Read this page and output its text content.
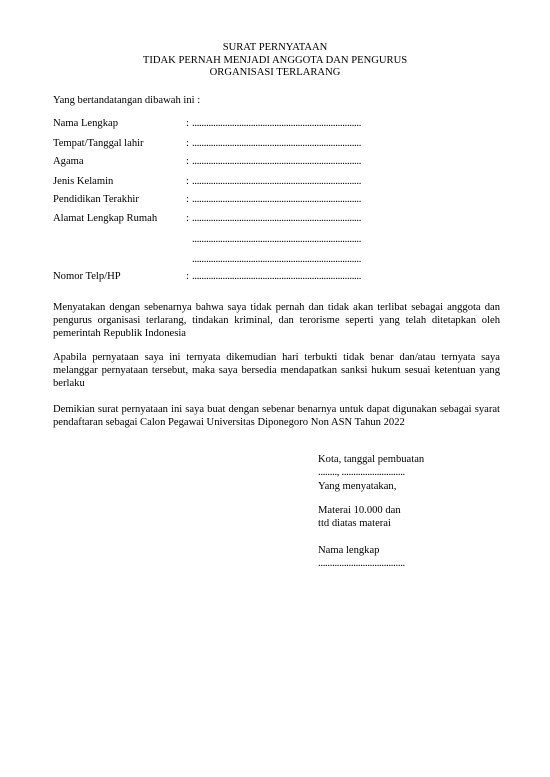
SURAT PERNYATAAN
TIDAK PERNAH MENJADI ANGGOTA DAN PENGURUS
ORGANISASI TERLARANG
Yang bertandatangan dibawah ini :
Nama Lengkap	: ........................................................................
Tempat/Tanggal lahir	: ........................................................................
Agama	: ........................................................................
Jenis Kelamin	: ........................................................................
Pendidikan Terakhir	: ........................................................................
Alamat Lengkap Rumah	: ........................................................................
........................................................................
........................................................................
Nomor Telp/HP	: ........................................................................
Menyatakan dengan sebenarnya bahwa saya tidak pernah dan tidak akan terlibat sebagai anggota dan pengurus organisasi terlarang, tindakan kriminal, dan terorisme seperti yang telah ditetapkan oleh pemerintah Republik Indonesia
Apabila pernyataan saya ini ternyata dikemudian hari terbukti tidak benar dan/atau ternyata saya melanggar pernyataan tersebut, maka saya bersedia mendapatkan sanksi hukum sesuai ketentuan yang berlaku
Demikian surat pernyataan ini saya buat dengan sebenar benarnya untuk dapat digunakan sebagai syarat pendaftaran sebagai Calon Pegawai Universitas Diponegoro Non ASN Tahun 2022
Kota, tanggal pembuatan
........, ...........................
Yang menyatakan,
Materai 10.000 dan
ttd diatas materai
Nama lengkap
.....................................
